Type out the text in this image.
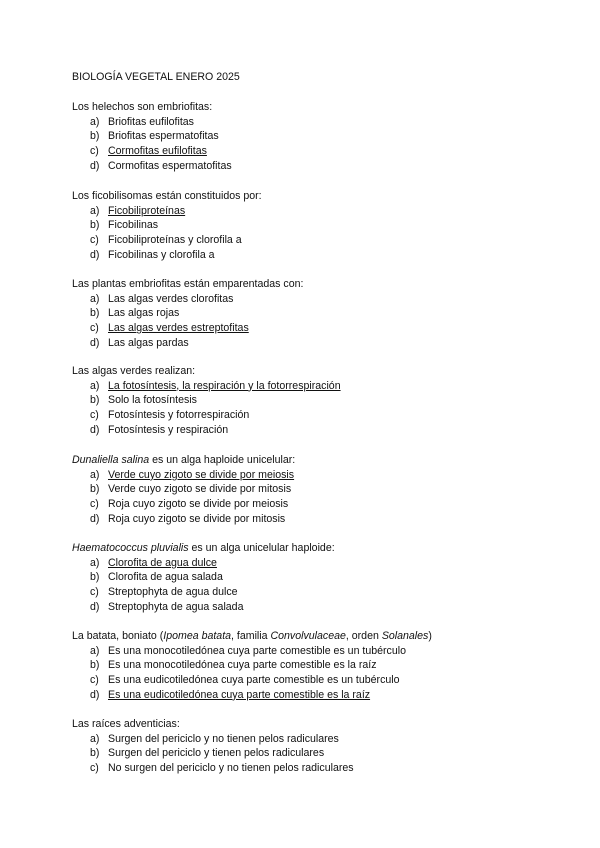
BIOLOGÍA VEGETAL ENERO 2025
Los helechos son embriofitas:
a) Briofitas eufilofitas
b) Briofitas espermatofitas
c) Cormofitas eufilofitas
d) Cormofitas espermatofitas
Los ficobilisomas están constituidos por:
a) Ficobiliproteínas
b) Ficobilinas
c) Ficobiliproteínas y clorofila a
d) Ficobilinas y clorofila a
Las plantas embriofitas están emparentadas con:
a) Las algas verdes clorofitas
b) Las algas rojas
c) Las algas verdes estreptofitas
d) Las algas pardas
Las algas verdes realizan:
a) La fotosíntesis, la respiración y la fotorrespiración
b) Solo la fotosíntesis
c) Fotosíntesis y fotorrespiración
d) Fotosíntesis y respiración
Dunaliella salina es un alga haploide unicelular:
a) Verde cuyo zigoto se divide por meiosis
b) Verde cuyo zigoto se divide por mitosis
c) Roja cuyo zigoto se divide por meiosis
d) Roja cuyo zigoto se divide por mitosis
Haematococcus pluvialis es un alga unicelular haploide:
a) Clorofita de agua dulce
b) Clorofita de agua salada
c) Streptophyta de agua dulce
d) Streptophyta de agua salada
La batata, boniato (Ipomea batata, familia Convolvulaceae, orden Solanales)
a) Es una monocotiledónea cuya parte comestible es un tubérculo
b) Es una monocotiledónea cuya parte comestible es la raíz
c) Es una eudicotiledónea cuya parte comestible es un tubérculo
d) Es una eudicotiledónea cuya parte comestible es la raíz
Las raíces adventicias:
a) Surgen del periciclo y no tienen pelos radiculares
b) Surgen del periciclo y tienen pelos radiculares
c) No surgen del periciclo y no tienen pelos radiculares
